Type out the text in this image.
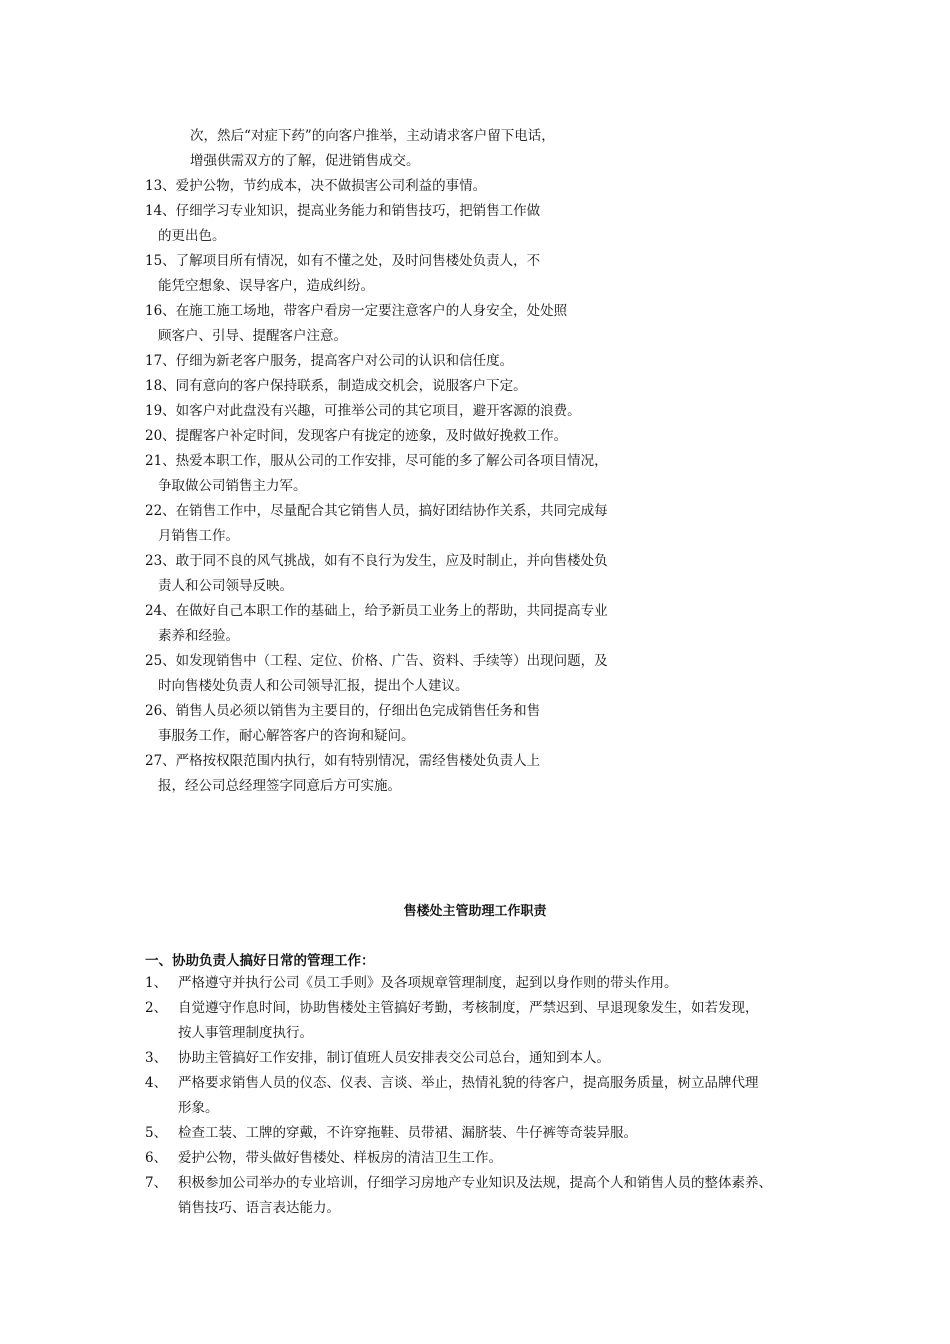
次，然后“对症下药”的向客户推举，主动请求客户留下电话，
增强供需双方的了解，促进销售成交。
13、爱护公物，节约成本，决不做损害公司利益的事情。
14、仔细学习专业知识，提高业务能力和销售技巧，把销售工作做
的更出色。
15、了解项目所有情况，如有不懂之处，及时问售楼处负责人，不
能凭空想象、误导客户，造成纠纷。
16、在施工施工场地，带客户看房一定要注意客户的人身安全，处处照
顾客户、引导、提醒客户注意。
17、仔细为新老客户服务，提高客户对公司的认识和信任度。
18、同有意向的客户保持联系，制造成交机会，说服客户下定。
19、如客户对此盘没有兴趣，可推举公司的其它项目，避开客源的浪费。
20、提醒客户补定时间，发现客户有拢定的迹象，及时做好挽救工作。
21、热爱本职工作，服从公司的工作安排，尽可能的多了解公司各项目情况，
争取做公司销售主力军。
22、在销售工作中，尽量配合其它销售人员，搞好团结协作关系，共同完成每
月销售工作。
23、敢于同不良的风气挑战，如有不良行为发生，应及时制止，并向售楼处负
责人和公司领导反映。
24、在做好自己本职工作的基础上，给予新员工业务上的帮助，共同提高专业
素养和经验。
25、如发现销售中（工程、定位、价格、广告、资料、手续等）出现问题，及
时向售楼处负责人和公司领导汇报，提出个人建议。
26、销售人员必须以销售为主要目的，仔细出色完成销售任务和售
事服务工作，耐心解答客户的咨询和疑问。
27、严格按权限范围内执行，如有特别情况，需经售楼处负责人上
报，经公司总经理签字同意后方可实施。
售楼处主管助理工作职责
一、协助负责人搞好日常的管理工作：
1、 严格遵守并执行公司《员工手则》及各项规章管理制度，起到以身作则的带头作用。
2、 自觉遵守作息时间，协助售楼处主管搞好考勤，考核制度，严禁迟到、早退现象发生，如若发现，
按人事管理制度执行。
3、 协助主管搞好工作安排，制订值班人员安排表交公司总台，通知到本人。
4、 严格要求销售人员的仪态、仪表、言谈、举止，热情礼貌的待客户，提高服务质量，树立品牌代理
形象。
5、 检查工装、工牌的穿戴，不许穿拖鞋、员带裙、漏脐装、牛仔裤等奇装异服。
6、 爱护公物，带头做好售楼处、样板房的清洁卫生工作。
7、 积极参加公司举办的专业培训，仔细学习房地产专业知识及法规，提高个人和销售人员的整体素养、
销售技巧、语言表达能力。
